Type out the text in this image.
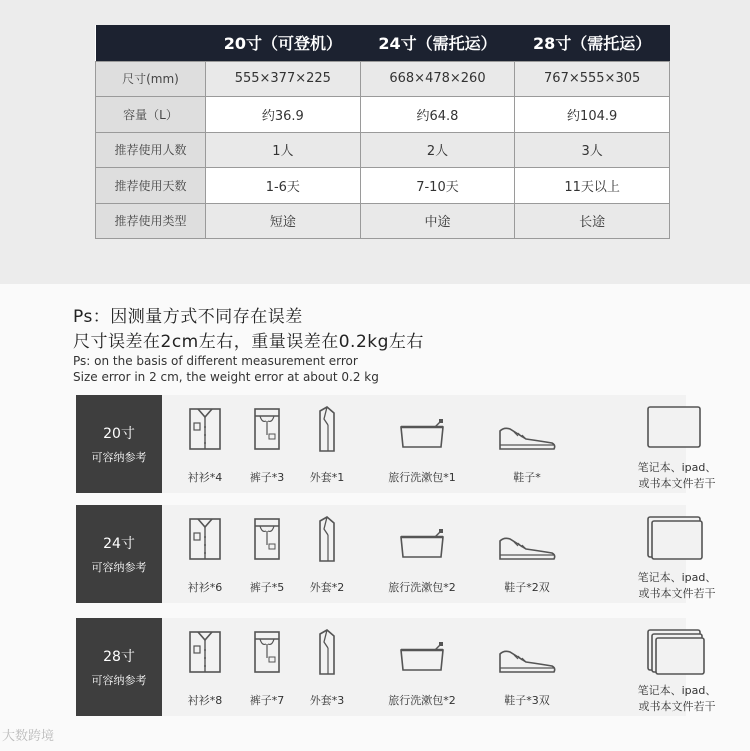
	20寸（可登机）	24寸（需托运）	28寸（需托运）
尺寸(mm)	555×377×225	668×478×260	767×555×305
容量（L）	约36.9	约64.8	约104.9
推荐使用人数	1人	2人	3人
推荐使用天数	1-6天	7-10天	11天以上
推荐使用类型	短途	中途	长途
Ps：因测量方式不同存在误差
尺寸误差在2cm左右，重量误差在0.2kg左右
Ps: on the basis of different measurement error
Size error in 2 cm, the weight error at about 0.2 kg
20寸
可容纳参考
衬衫*4	裤子*3	外套*1	旅行洗漱包*1	鞋子*
笔记本、ipad、
或书本文件若干
24寸
可容纳参考
衬衫*6	裤子*5	外套*2	旅行洗漱包*2	鞋子*2双
笔记本、ipad、
或书本文件若干
28寸
可容纳参考
衬衫*8	裤子*7	外套*3	旅行洗漱包*2	鞋子*3双
笔记本、ipad、
或书本文件若干
大数跨境
